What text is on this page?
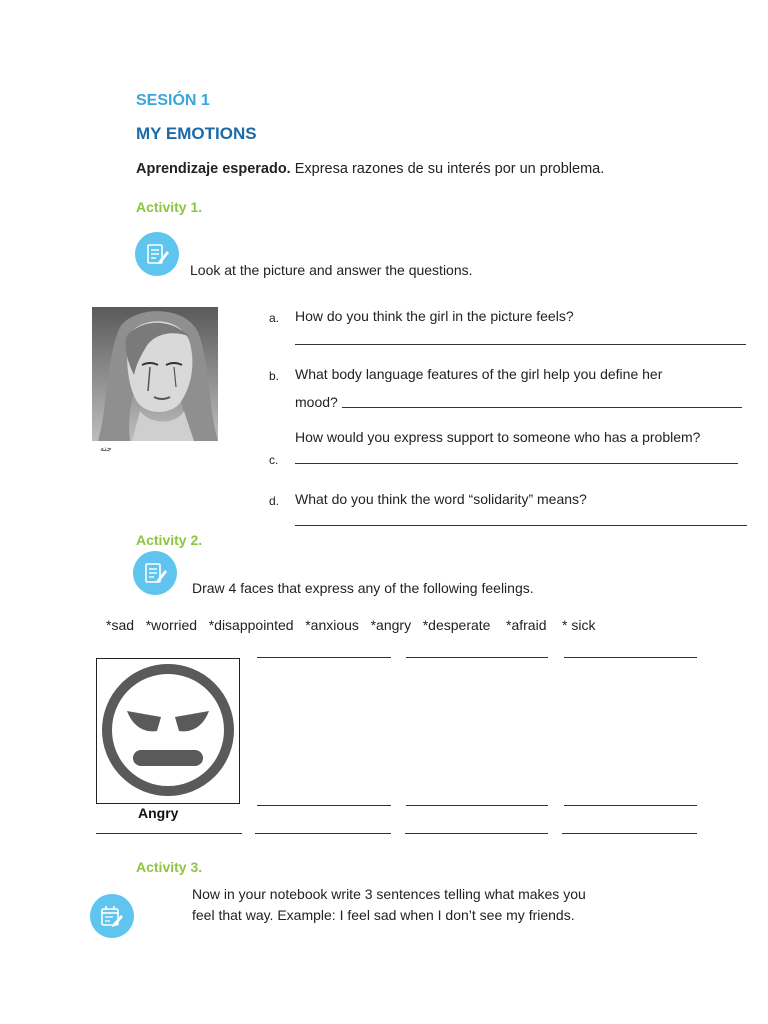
SESIÓN 1
MY EMOTIONS
Aprendizaje esperado. Expresa razones de su interés por un problema.
Activity 1.
Look at the picture and answer the questions.
ﺟﻨﻪ
a. How do you think the girl in the picture feels?
b. What body language features of the girl help you define her
mood?
How would you express support to someone who has a problem?
c.
d. What do you think the word “solidarity” means?
Activity 2.
Draw 4 faces that express any of the following feelings.
*sad   *worried   *disappointed   *anxious   *angry   *desperate    *afraid    * sick
Angry
Activity 3.
Now in your notebook write 3 sentences telling what makes you
feel that way. Example: I feel sad when I don’t see my friends.
